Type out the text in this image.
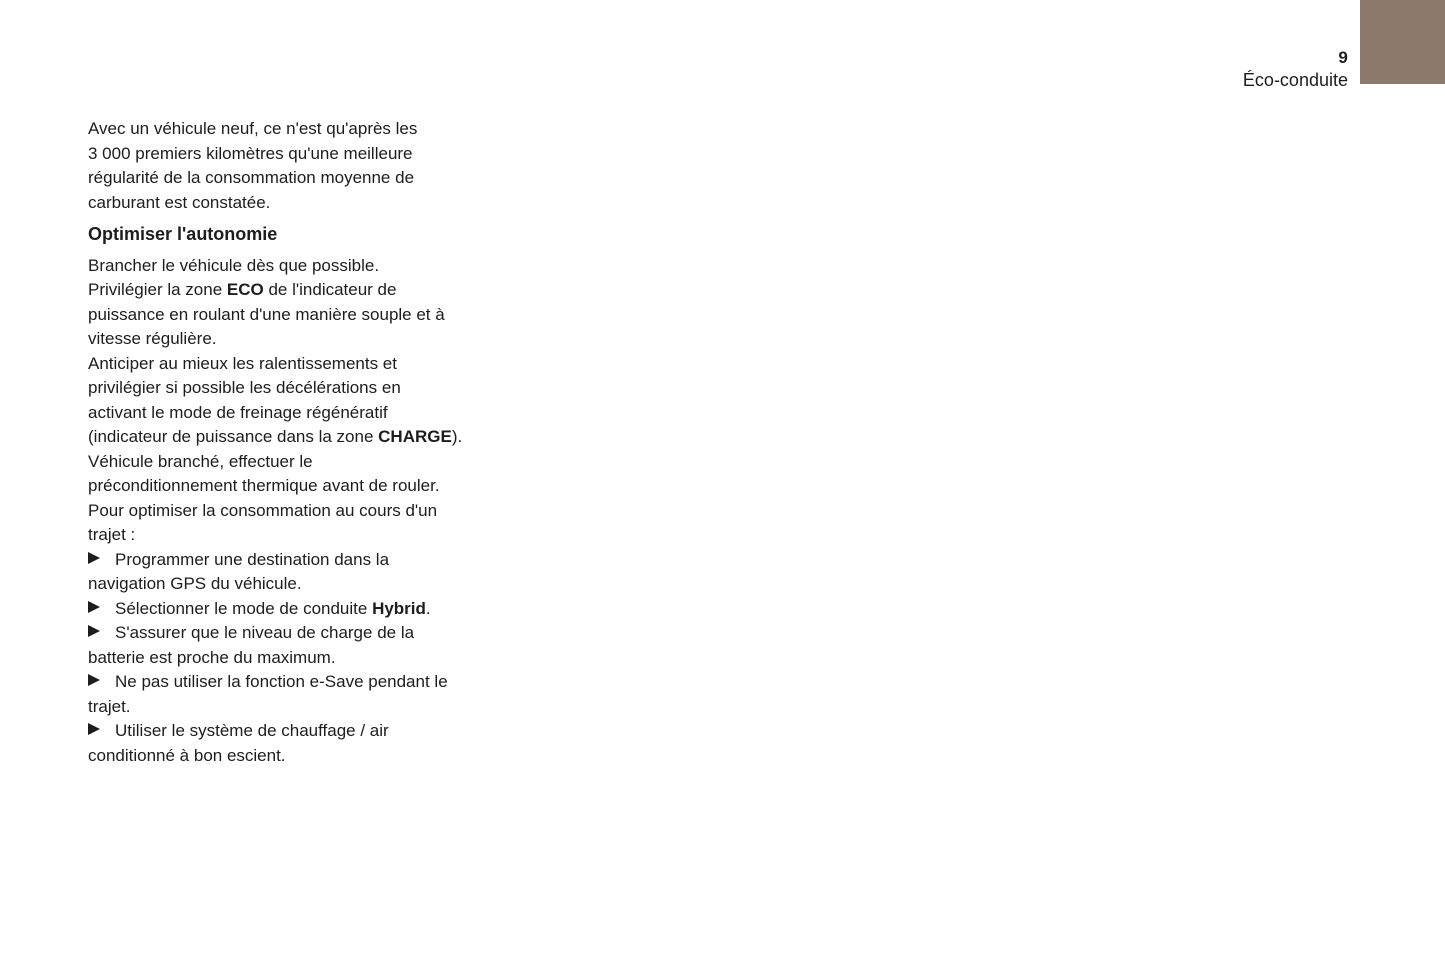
9
Éco-conduite
Avec un véhicule neuf, ce n'est qu'après les
3 000 premiers kilomètres qu'une meilleure
régularité de la consommation moyenne de
carburant est constatée.
Optimiser l'autonomie
Brancher le véhicule dès que possible.
Privilégier la zone ECO de l'indicateur de
puissance en roulant d'une manière souple et à
vitesse régulière.
Anticiper au mieux les ralentissements et
privilégier si possible les décélérations en
activant le mode de freinage régénératif
(indicateur de puissance dans la zone CHARGE).
Véhicule branché, effectuer le
préconditionnement thermique avant de rouler.
Pour optimiser la consommation au cours d'un
trajet :
Programmer une destination dans la
navigation GPS du véhicule.
Sélectionner le mode de conduite Hybrid.
S'assurer que le niveau de charge de la
batterie est proche du maximum.
Ne pas utiliser la fonction e-Save pendant le
trajet.
Utiliser le système de chauffage / air
conditionné à bon escient.
